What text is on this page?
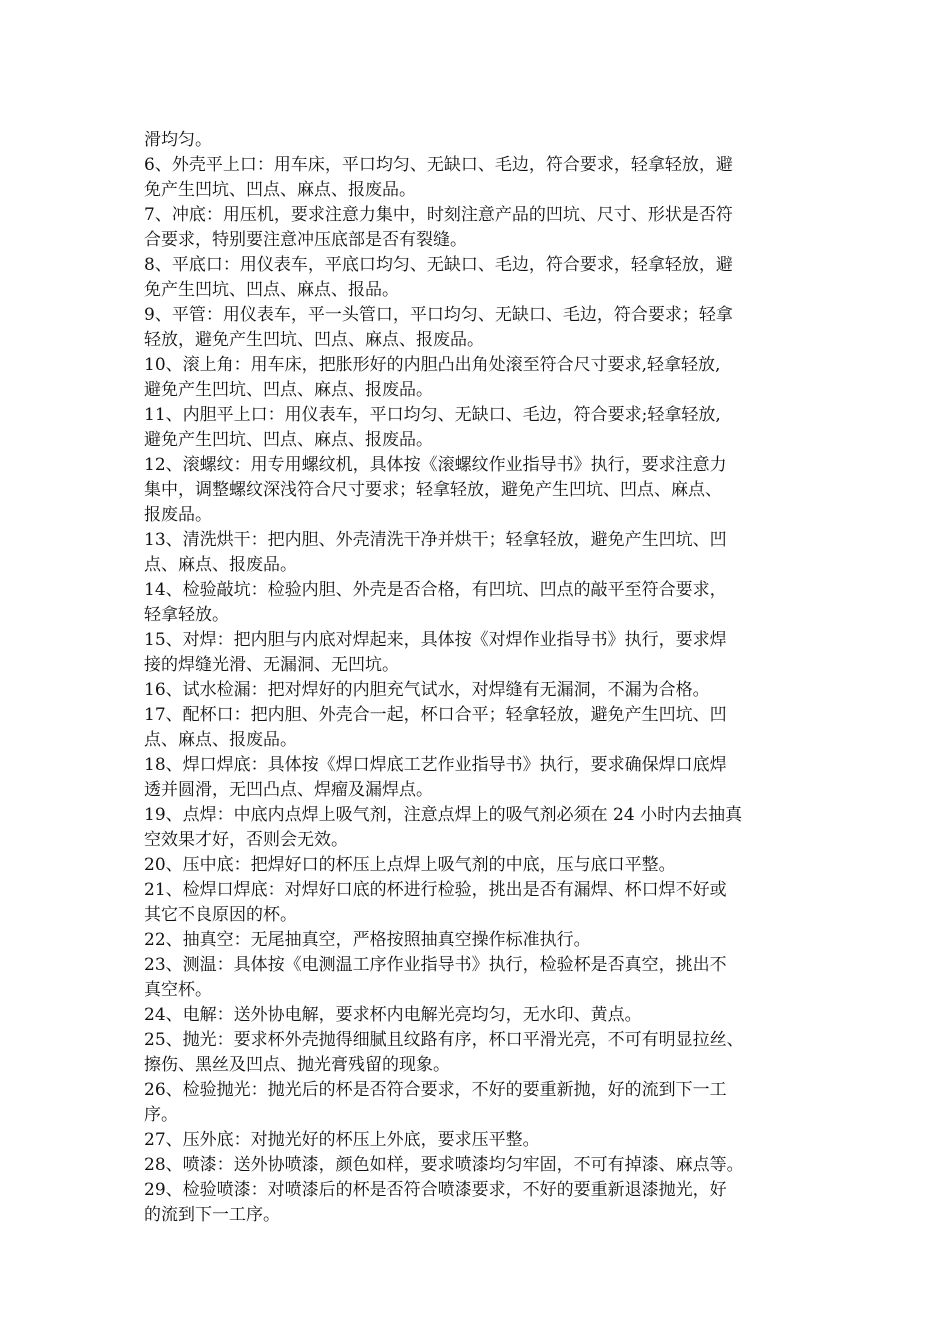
滑均匀。
6、外壳平上口：用车床，平口均匀、无缺口、毛边，符合要求，轻拿轻放，避
免产生凹坑、凹点、麻点、报废品。
7、冲底：用压机，要求注意力集中，时刻注意产品的凹坑、尺寸、形状是否符
合要求，特别要注意冲压底部是否有裂缝。
8、平底口：用仪表车，平底口均匀、无缺口、毛边，符合要求，轻拿轻放，避
免产生凹坑、凹点、麻点、报品。
9、平管：用仪表车，平一头管口，平口均匀、无缺口、毛边，符合要求；轻拿
轻放，避免产生凹坑、凹点、麻点、报废品。
10、滚上角：用车床，把胀形好的内胆凸出角处滚至符合尺寸要求,轻拿轻放,
避免产生凹坑、凹点、麻点、报废品。
11、内胆平上口：用仪表车，平口均匀、无缺口、毛边，符合要求;轻拿轻放,
避免产生凹坑、凹点、麻点、报废品。
12、滚螺纹：用专用螺纹机，具体按《滚螺纹作业指导书》执行，要求注意力
集中，调整螺纹深浅符合尺寸要求；轻拿轻放，避免产生凹坑、凹点、麻点、
报废品。
13、清洗烘干：把内胆、外壳清洗干净并烘干；轻拿轻放，避免产生凹坑、凹
点、麻点、报废品。
14、检验敲坑：检验内胆、外壳是否合格，有凹坑、凹点的敲平至符合要求，
轻拿轻放。
15、对焊：把内胆与内底对焊起来，具体按《对焊作业指导书》执行，要求焊
接的焊缝光滑、无漏洞、无凹坑。
16、试水检漏：把对焊好的内胆充气试水，对焊缝有无漏洞，不漏为合格。
17、配杯口：把内胆、外壳合一起，杯口合平；轻拿轻放，避免产生凹坑、凹
点、麻点、报废品。
18、焊口焊底：具体按《焊口焊底工艺作业指导书》执行，要求确保焊口底焊
透并圆滑，无凹凸点、焊瘤及漏焊点。
19、点焊：中底内点焊上吸气剂，注意点焊上的吸气剂必须在 24 小时内去抽真
空效果才好，否则会无效。
20、压中底：把焊好口的杯压上点焊上吸气剂的中底，压与底口平整。
21、检焊口焊底：对焊好口底的杯进行检验，挑出是否有漏焊、杯口焊不好或
其它不良原因的杯。
22、抽真空：无尾抽真空，严格按照抽真空操作标准执行。
23、测温：具体按《电测温工序作业指导书》执行，检验杯是否真空，挑出不
真空杯。
24、电解：送外协电解，要求杯内电解光亮均匀，无水印、黄点。
25、抛光：要求杯外壳抛得细腻且纹路有序，杯口平滑光亮，不可有明显拉丝、
擦伤、黑丝及凹点、抛光膏残留的现象。
26、检验抛光：抛光后的杯是否符合要求，不好的要重新抛，好的流到下一工
序。
27、压外底：对抛光好的杯压上外底，要求压平整。
28、喷漆：送外协喷漆，颜色如样，要求喷漆均匀牢固，不可有掉漆、麻点等。
29、检验喷漆：对喷漆后的杯是否符合喷漆要求，不好的要重新退漆抛光，好
的流到下一工序。
